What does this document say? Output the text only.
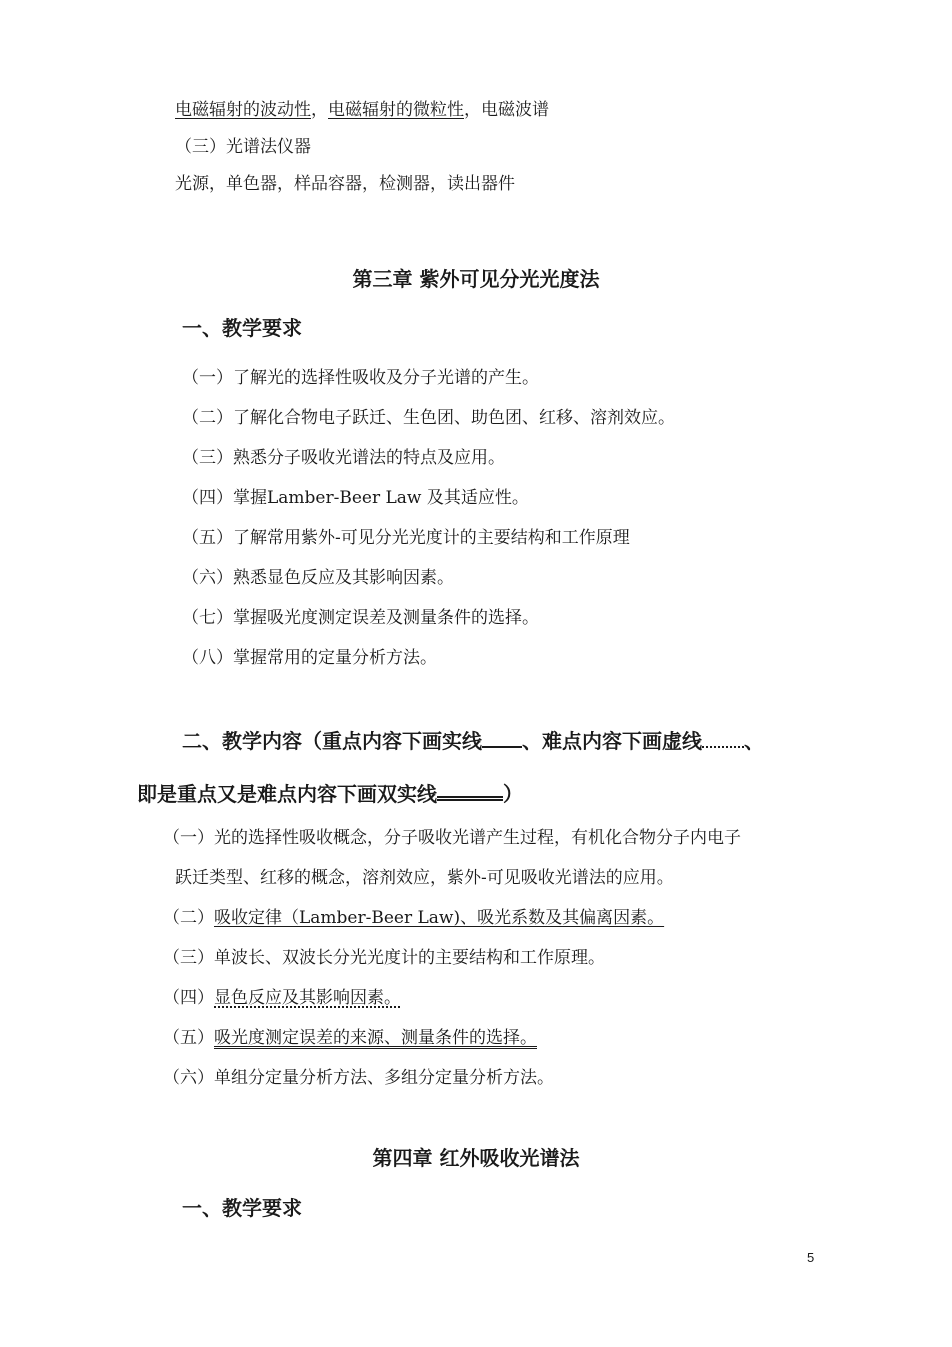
电磁辐射的波动性，电磁辐射的微粒性，电磁波谱
（三）光谱法仪器
光源，单色器，样品容器，检测器，读出器件
第三章 紫外可见分光光度法
一、教学要求
（一）了解光的选择性吸收及分子光谱的产生。
（二）了解化合物电子跃迁、生色团、助色团、红移、溶剂效应。
（三）熟悉分子吸收光谱法的特点及应用。
（四）掌握Lamber-Beer Law 及其适应性。
（五）了解常用紫外-可见分光光度计的主要结构和工作原理
（六）熟悉显色反应及其影响因素。
（七）掌握吸光度测定误差及测量条件的选择。
（八）掌握常用的定量分析方法。
二、教学内容（重点内容下画实线 、难点内容下画虚线 、
即是重点又是难点内容下画双实线	）
（一）光的选择性吸收概念，分子吸收光谱产生过程，有机化合物分子内电子
跃迁类型、红移的概念，溶剂效应，紫外-可见吸收光谱法的应用。
（二）吸收定律（Lamber-Beer Law)、吸光系数及其偏离因素。
（三）单波长、双波长分光光度计的主要结构和工作原理。
（四）显色反应及其影响因素。
（五）吸光度测定误差的来源、测量条件的选择。
（六）单组分定量分析方法、多组分定量分析方法。
第四章 红外吸收光谱法
一、教学要求
5
